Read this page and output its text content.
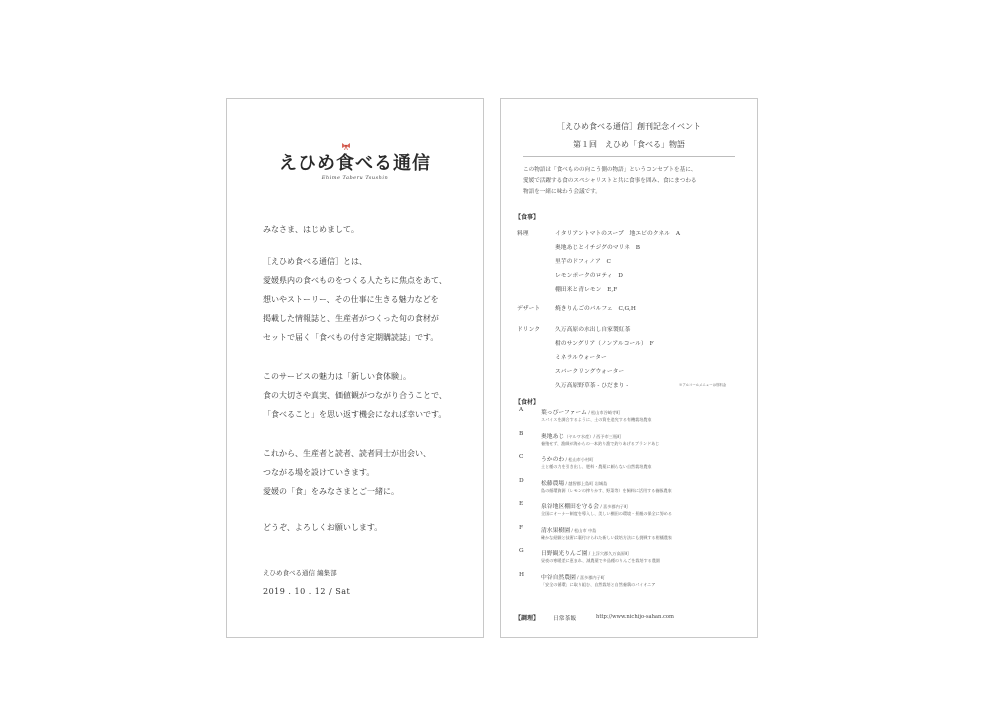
えひめ
食べる通信
Ehime Taberu Tsushin
みなさま、はじめまして。
［えひめ食べる通信］とは、
愛媛県内の食べものをつくる人たちに焦点をあて、
想いやストーリー、その仕事に生きる魅力などを
掲載した情報誌と、生産者がつくった旬の食材が
セットで届く「食べもの付き定期購読誌」です。
このサービスの魅力は「新しい食体験」。
食の大切さや真実、価値観がつながり合うことで、
「食べること」を思い返す機会になれば幸いです。
これから、生産者と読者、読者同士が出会い、
つながる場を設けていきます。
愛媛の「食」をみなさまとご一緒に。
どうぞ、よろしくお願いします。
えひめ食べる通信 編集部
2019 . 10 . 12 / Sat
［えひめ食べる通信］創刊記念イベント
第１回　えひめ「食べる」物語
この物語は「食べものの向こう側の物語」というコンセプトを基に、
愛媛で活躍する食のスペシャリストと共に食事を囲み、食にまつわる
物語を一緒に味わう会議です。
【食事】
料理	イタリアントマトのスープ　地エビのクネル　A
奥地あじとイチジグのマリネ　B
里芋のドフィノア　C
レモンポークのロティ　D
棚田米と青レモン　E,F
デザート	焼きりんごのパルフェ　C,G,H
ドリンク	久万高原の水出し自家製紅茶
柑のサングリア（ノンアルコール）　F
ミネラルウォーター
スパークリングウォーター
久万高原野草茶 - ひだまり -	※アルコールメニューは別料金
【食材】
【調理】 日常茶飯	http://www.nichijo-sahan.com
A	葉っぴーファーム / 松山市谷崎寺町
スパイスを調合するように、土の質を追究する有機栽培農家
B	奥地あじ（ヤルワ水産）/ 西予市三瓶町
養殖せず、漁師が海からの一本釣り漁で釣りあげるブランドあじ
C	うかのわ / 松山市小村町
土と種の力を引き出し、肥料・農薬に頼らない自然栽培農家
D	松藤農場 / 越智郡上島町 岩城島
島の循環資源（レモンの搾りかす、野菜等）を飼料に活用する養豚農家
E	泉谷地区棚田を守る会 / 喜多郡内子町
全国にオーナー制度を導入し、美しい棚田の環境・景観の保全に努める
F	清水果樹園 / 松山市 中島
確かな経験と技術に裏付けられた新しい栽培方法にも挑戦する柑橘農家
G	日野観光りんご園 / 上浮穴郡久万高原町
昼夜の寒暖差に恵まれ、減農薬で多品種のりんごを栽培する農園
H	中谷自然農園 / 喜多郡内子町
「安全の循環」に取り組む、自然栽培と自然養鶏のパイオニア
